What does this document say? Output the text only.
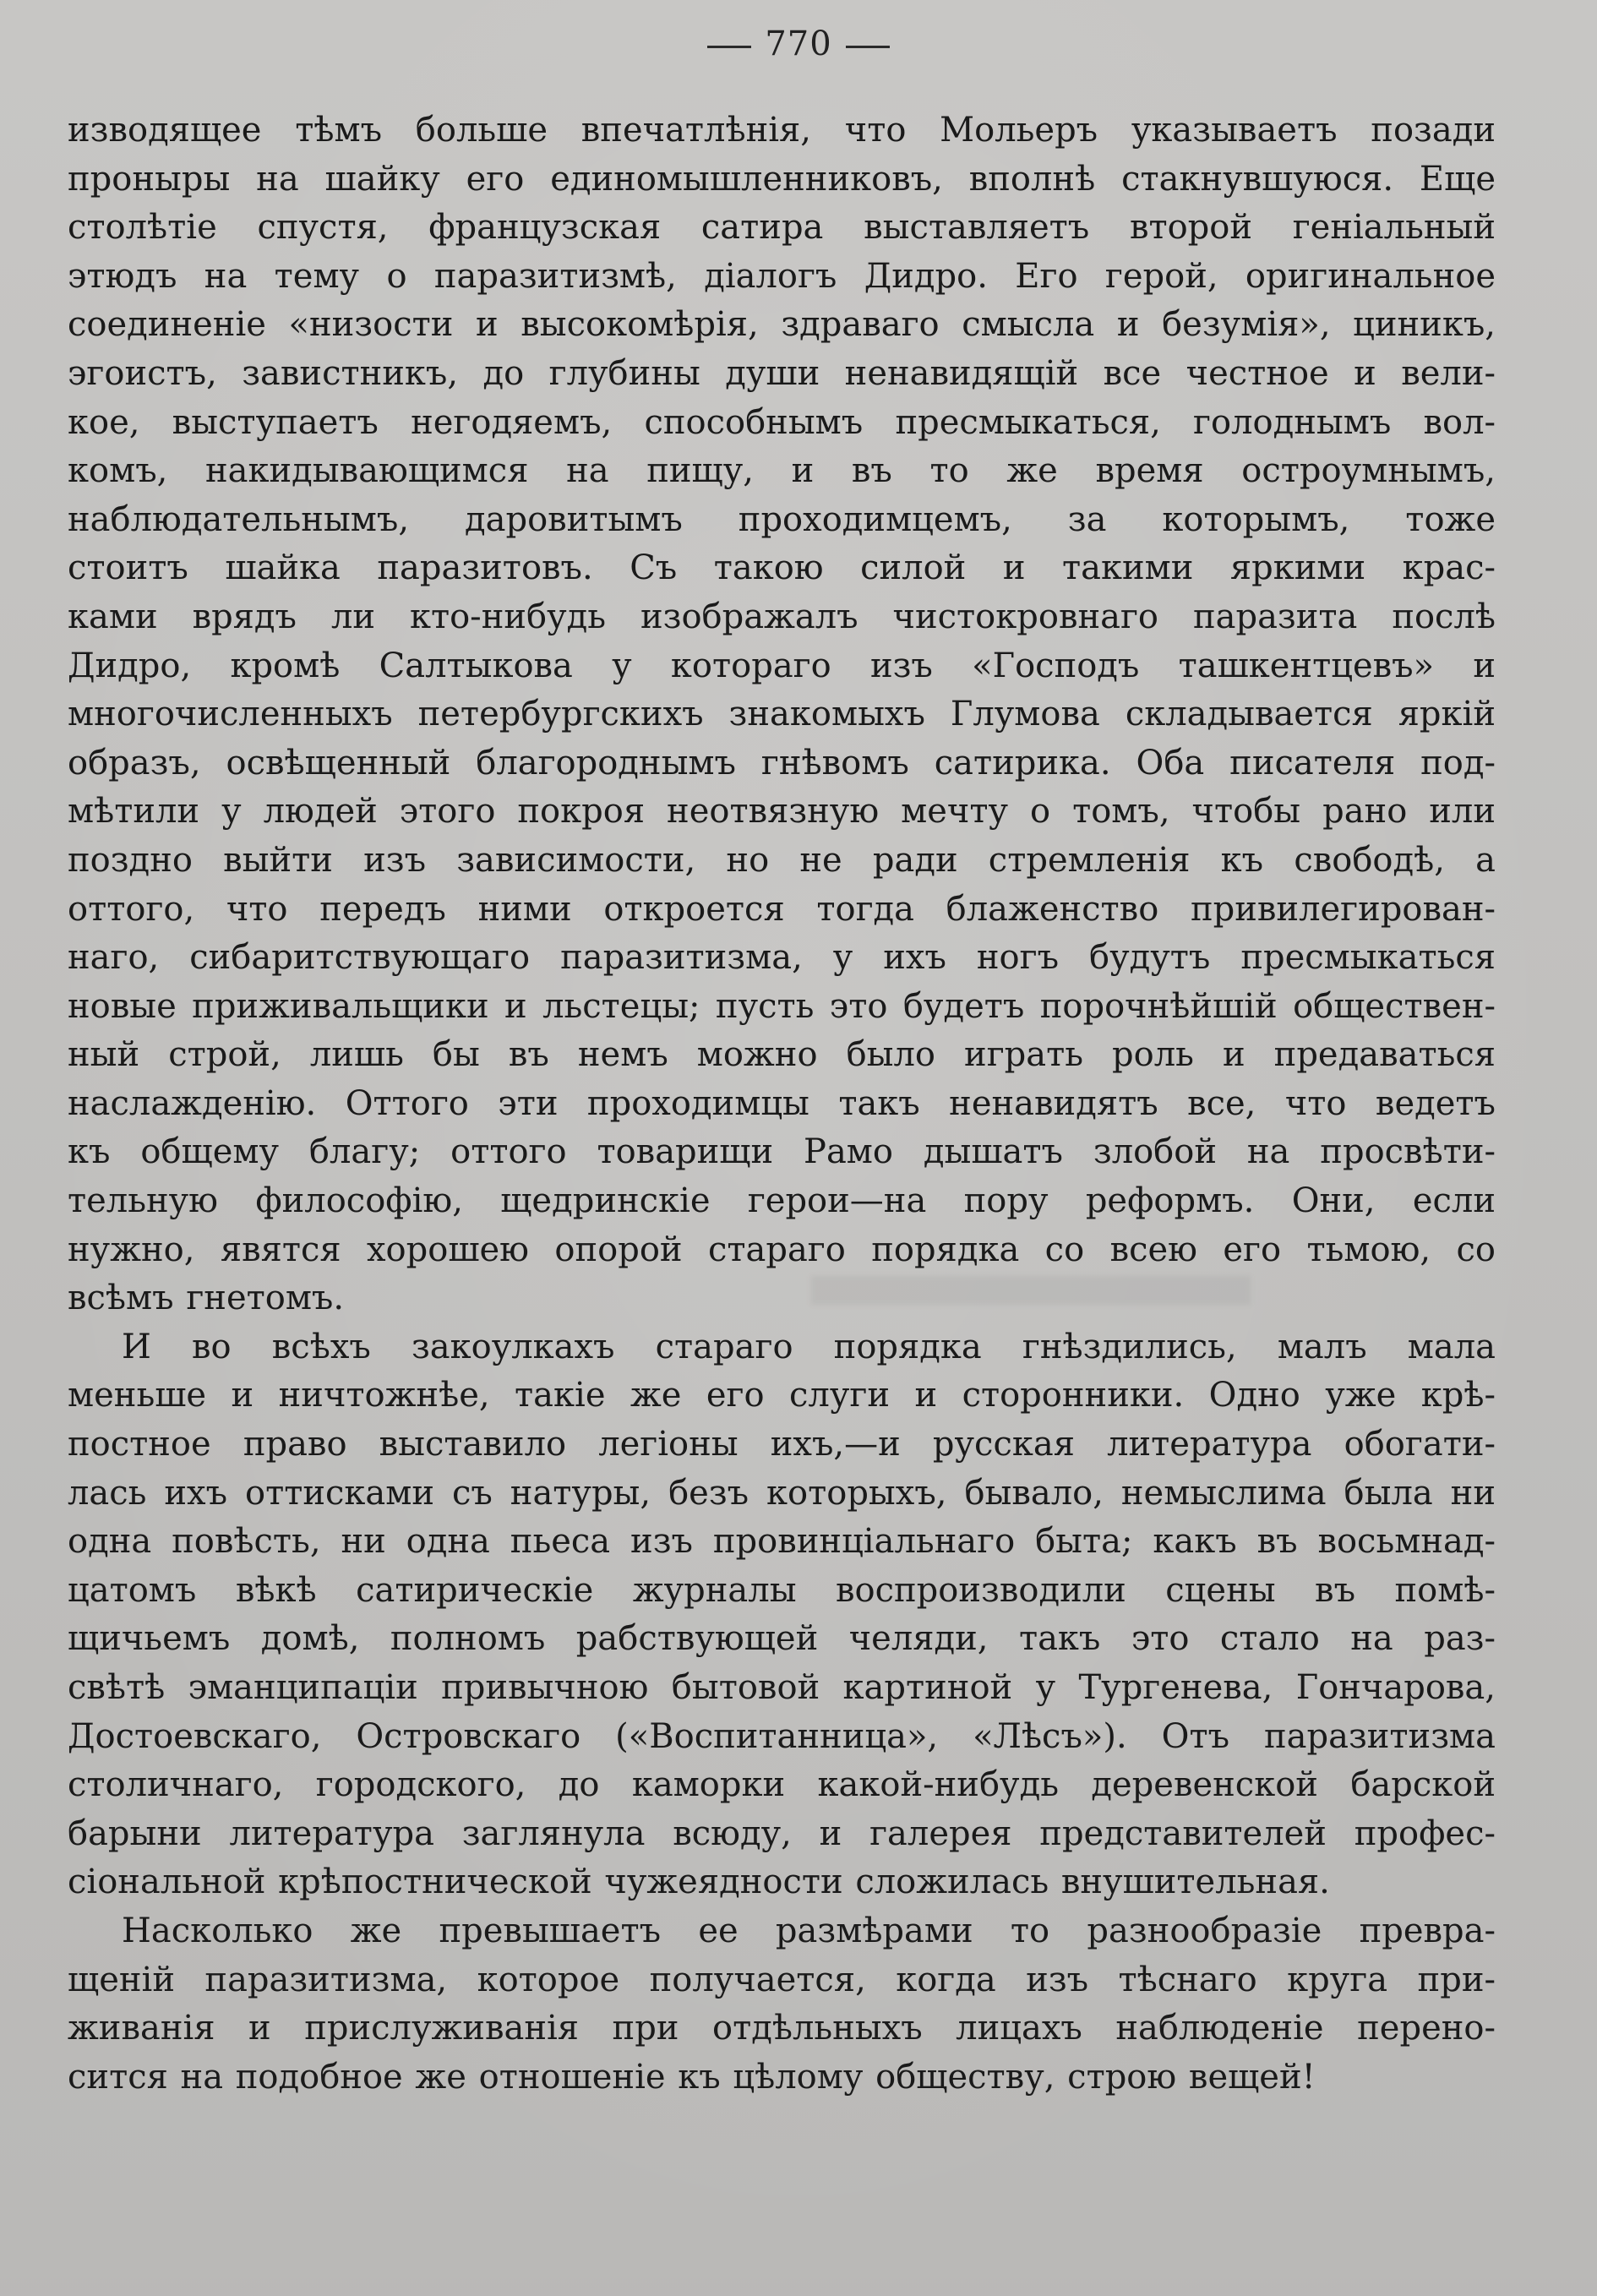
770
изводящее тѣмъ больше впечатлѣнія, что Мольеръ указываетъ позади
проныры на шайку его единомышленниковъ, вполнѣ стакнувшуюся. Еще
столѣтіе спустя, французская сатира выставляетъ второй геніальный
этюдъ на тему о паразитизмѣ, діалогъ Дидро. Его герой, оригинальное
соединеніе «низости и высокомѣрія, здраваго смысла и безумія», циникъ,
эгоистъ, завистникъ, до глубины души ненавидящій все честное и вели-
кое, выступаетъ негодяемъ, способнымъ пресмыкаться, голоднымъ вол-
комъ, накидывающимся на пищу, и въ то же время остроумнымъ,
наблюдательнымъ, даровитымъ проходимцемъ, за которымъ, тоже
стоитъ шайка паразитовъ. Съ такою силой и такими яркими крас-
ками врядъ ли кто-нибудь изображалъ чистокровнаго паразита послѣ
Дидро, кромѣ Салтыкова у котораго изъ «Господъ ташкентцевъ» и
многочисленныхъ петербургскихъ знакомыхъ Глумова складывается яркій
образъ, освѣщенный благороднымъ гнѣвомъ сатирика. Оба писателя под-
мѣтили у людей этого покроя неотвязную мечту о томъ, чтобы рано или
поздно выйти изъ зависимости, но не ради стремленія къ свободѣ, а
оттого, что передъ ними откроется тогда блаженство привилегирован-
наго, сибаритствующаго паразитизма, у ихъ ногъ будутъ пресмыкаться
новые приживальщики и льстецы; пусть это будетъ порочнѣйшій обществен-
ный строй, лишь бы въ немъ можно было играть роль и предаваться
наслажденію. Оттого эти проходимцы такъ ненавидятъ все, что ведетъ
къ общему благу; оттого товарищи Рамо дышатъ злобой на просвѣти-
тельную философію, щедринскіе герои—на пору реформъ. Они, если
нужно, явятся хорошею опорой стараго порядка со всею его тьмою, со
всѣмъ гнетомъ.
И во всѣхъ закоулкахъ стараго порядка гнѣздились, малъ мала
меньше и ничтожнѣе, такіе же его слуги и сторонники. Одно уже крѣ-
постное право выставило легіоны ихъ,—и русская литература обогати-
лась ихъ оттисками съ натуры, безъ которыхъ, бывало, немыслима была ни
одна повѣсть, ни одна пьеса изъ провинціальнаго быта; какъ въ восьмнад-
цатомъ вѣкѣ сатирическіе журналы воспроизводили сцены въ помѣ-
щичьемъ домѣ, полномъ рабствующей челяди, такъ это стало на раз-
свѣтѣ эманципаціи привычною бытовой картиной у Тургенева, Гончарова,
Достоевскаго, Островскаго («Воспитанница», «Лѣсъ»). Отъ паразитизма
столичнаго, городского, до каморки какой-нибудь деревенской барской
барыни литература заглянула всюду, и галерея представителей профес-
сіональной крѣпостнической чужеядности сложилась внушительная.
Насколько же превышаетъ ее размѣрами то разнообразіе превра-
щеній паразитизма, которое получается, когда изъ тѣснаго круга при-
живанія и прислуживанія при отдѣльныхъ лицахъ наблюденіе перено-
сится на подобное же отношеніе къ цѣлому обществу, строю вещей!
